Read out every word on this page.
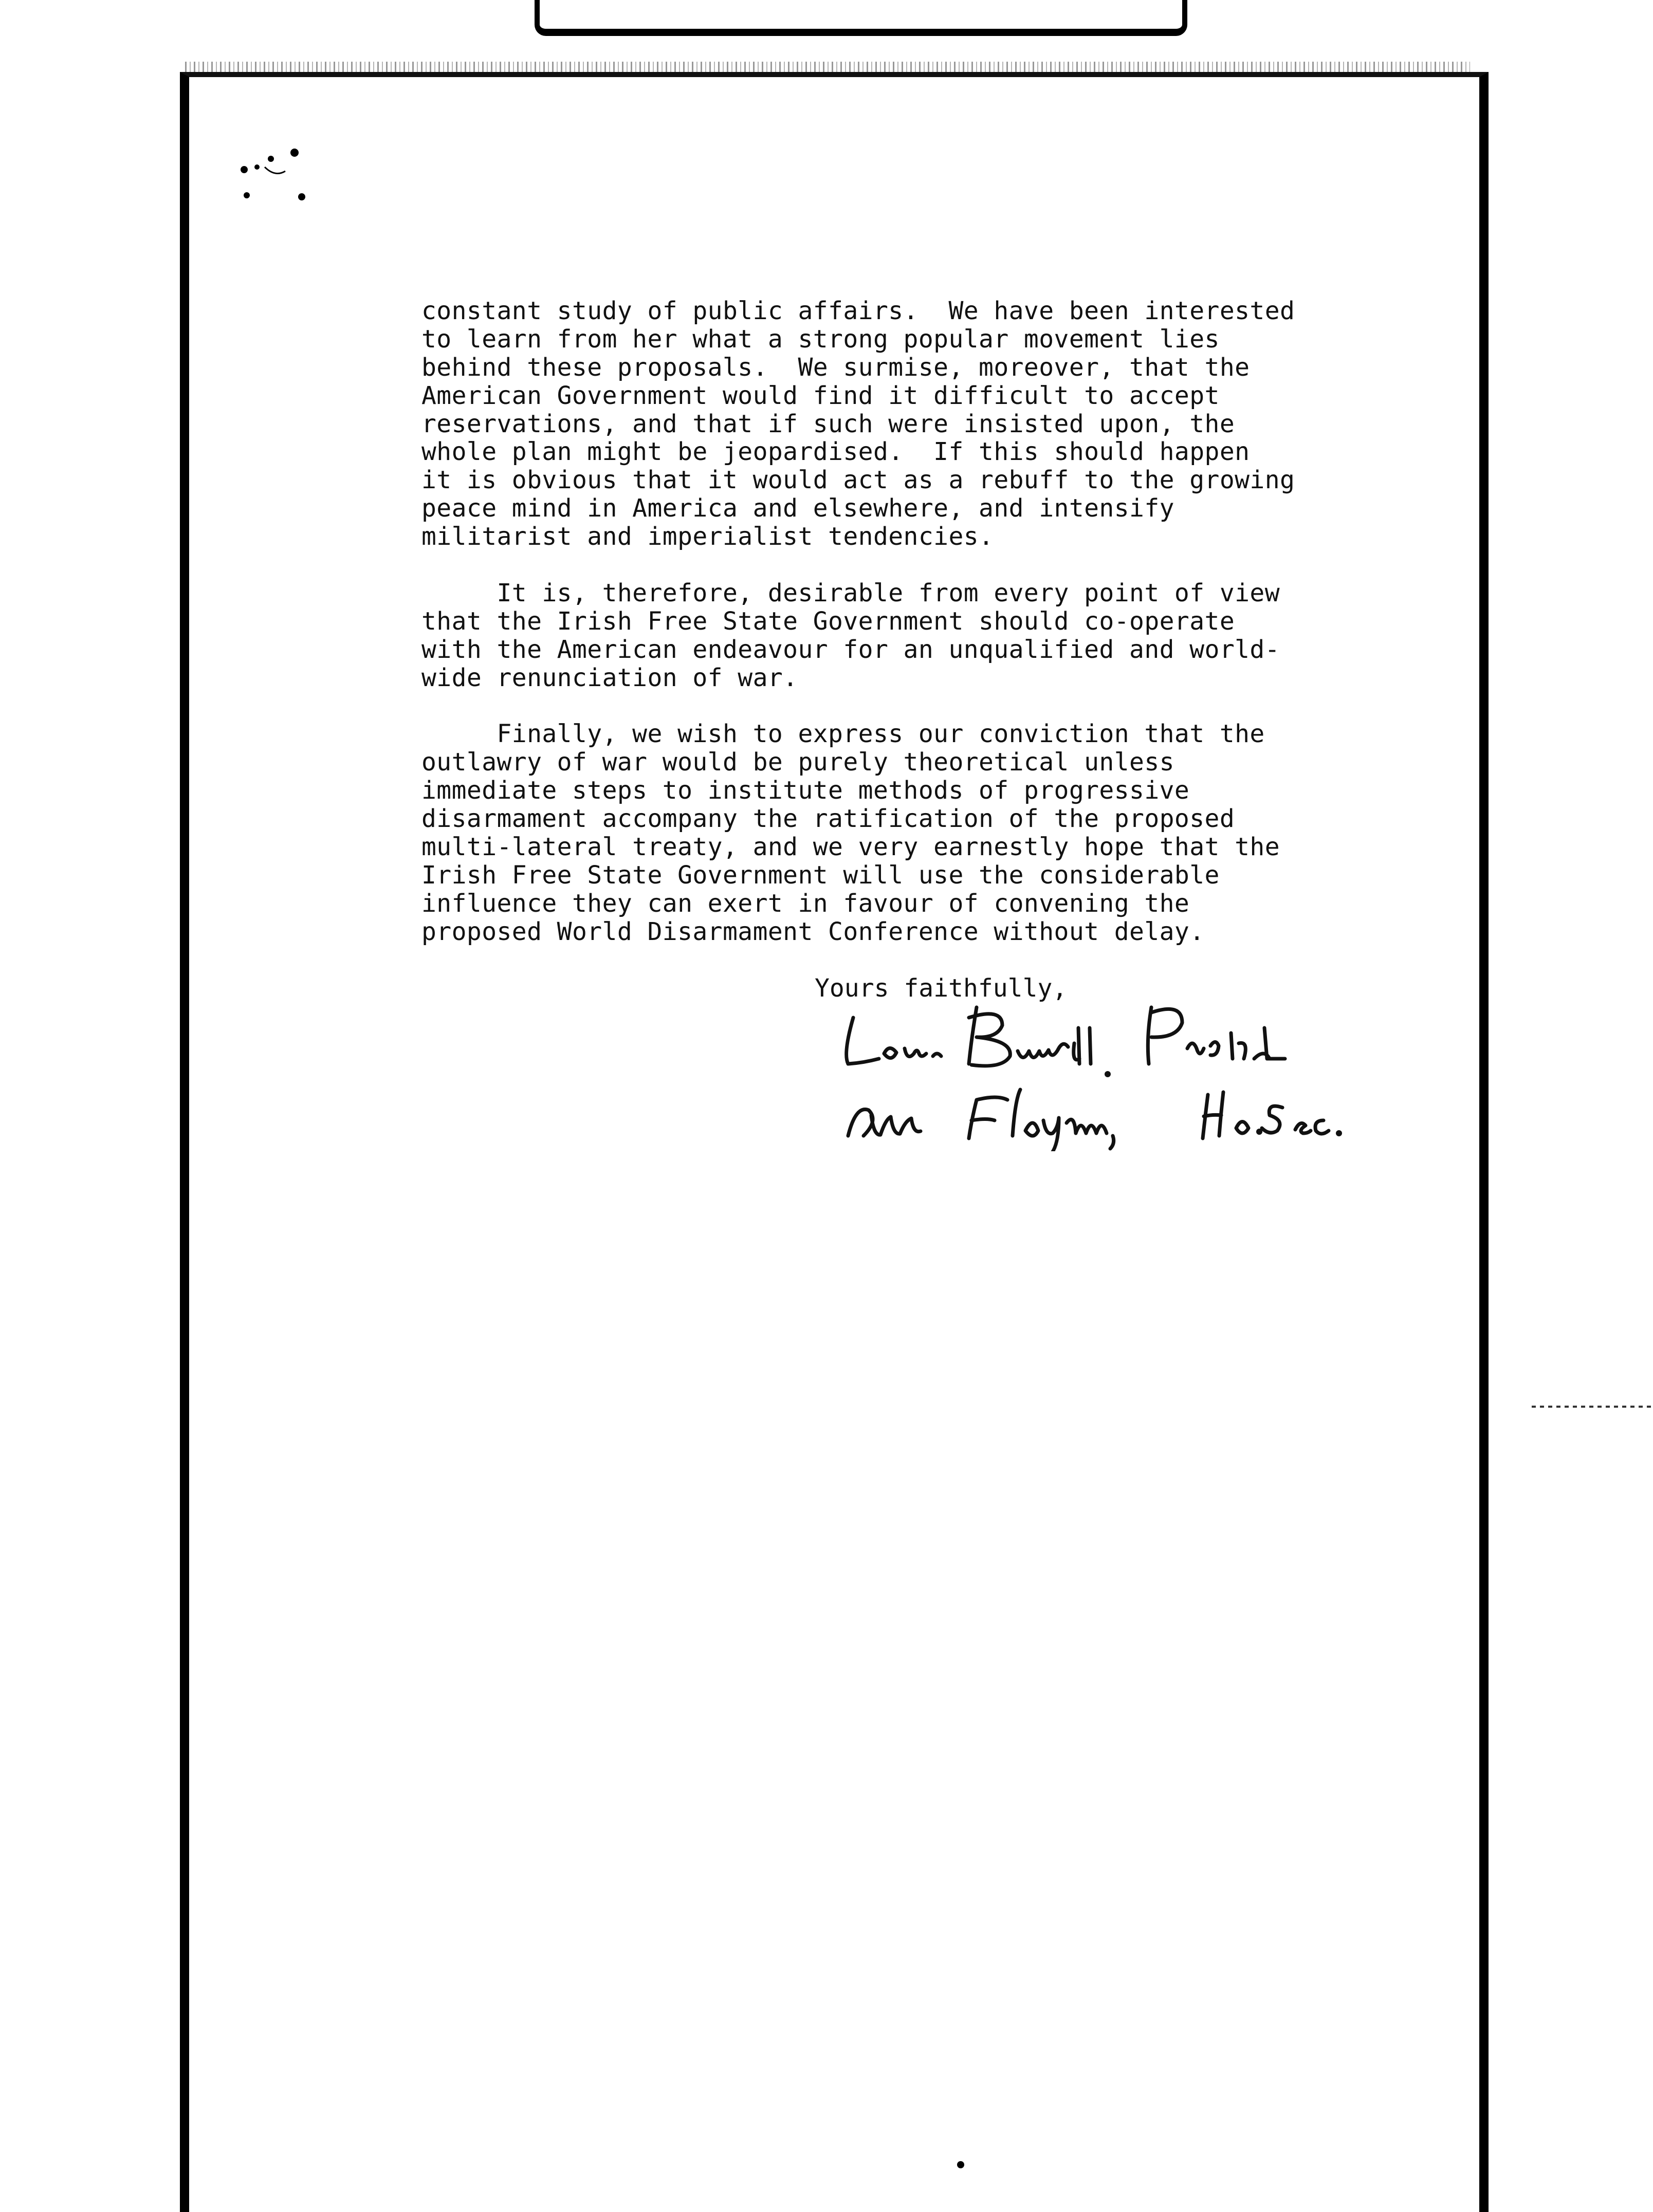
constant study of public affairs.  We have been interested
to learn from her what a strong popular movement lies
behind these proposals.  We surmise, moreover, that the
American Government would find it difficult to accept
reservations, and that if such were insisted upon, the
whole plan might be jeopardised.  If this should happen
it is obvious that it would act as a rebuff to the growing
peace mind in America and elsewhere, and intensify
militarist and imperialist tendencies.
It is, therefore, desirable from every point of view
that the Irish Free State Government should co-operate
with the American endeavour for an unqualified and world-
wide renunciation of war.
Finally, we wish to express our conviction that the
outlawry of war would be purely theoretical unless
immediate steps to institute methods of progressive
disarmament accompany the ratification of the proposed
multi-lateral treaty, and we very earnestly hope that the
Irish Free State Government will use the considerable
influence they can exert in favour of convening the
proposed World Disarmament Conference without delay.
Yours faithfully,
